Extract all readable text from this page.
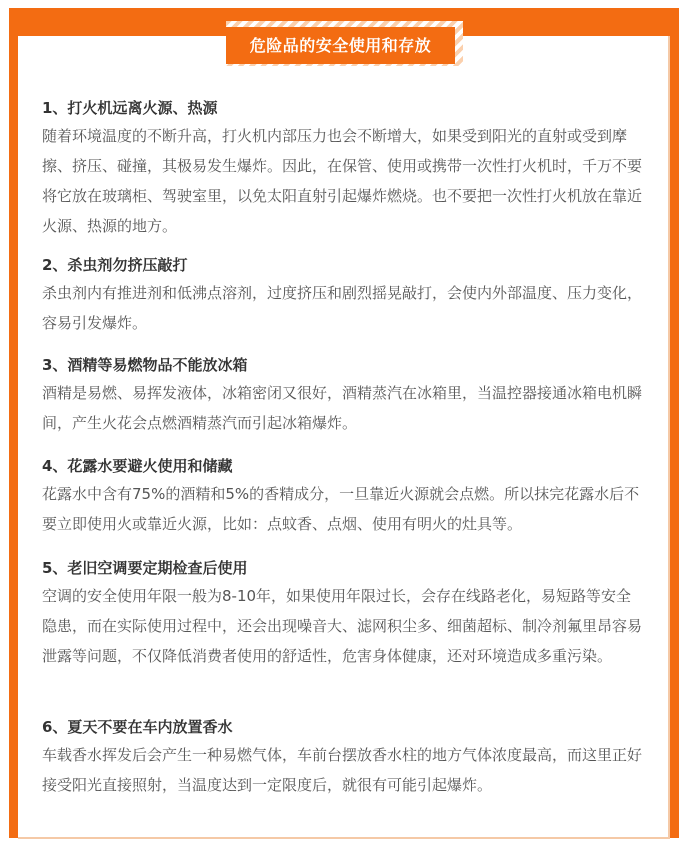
危险品的安全使用和存放
1、打火机远离火源、热源

随着环境温度的不断升高，打火机内部压力也会不断增大，如果受到阳光的直射或受到摩擦、挤压、碰撞，其极易发生爆炸。因此，在保管、使用或携带一次性打火机时，千万不要将它放在玻璃柜、驾驶室里，以免太阳直射引起爆炸燃烧。也不要把一次性打火机放在靠近火源、热源的地方。

2、杀虫剂勿挤压敲打

杀虫剂内有推进剂和低沸点溶剂，过度挤压和剧烈摇晃敲打，会使内外部温度、压力变化，容易引发爆炸。

3、酒精等易燃物品不能放冰箱

酒精是易燃、易挥发液体，冰箱密闭又很好，酒精蒸汽在冰箱里，当温控器接通冰箱电机瞬间，产生火花会点燃酒精蒸汽而引起冰箱爆炸。

4、花露水要避火使用和储藏

花露水中含有75%的酒精和5%的香精成分，一旦靠近火源就会点燃。所以抹完花露水后不要立即使用火或靠近火源，比如：点蚊香、点烟、使用有明火的灶具等。

5、老旧空调要定期检查后使用

空调的安全使用年限一般为8-10年，如果使用年限过长，会存在线路老化，易短路等安全隐患，而在实际使用过程中，还会出现噪音大、滤网积尘多、细菌超标、制冷剂氟里昂容易泄露等问题，不仅降低消费者使用的舒适性，危害身体健康，还对环境造成多重污染。

6、夏天不要在车内放置香水

车载香水挥发后会产生一种易燃气体，车前台摆放香水柱的地方气体浓度最高，而这里正好接受阳光直接照射，当温度达到一定限度后，就很有可能引起爆炸。
